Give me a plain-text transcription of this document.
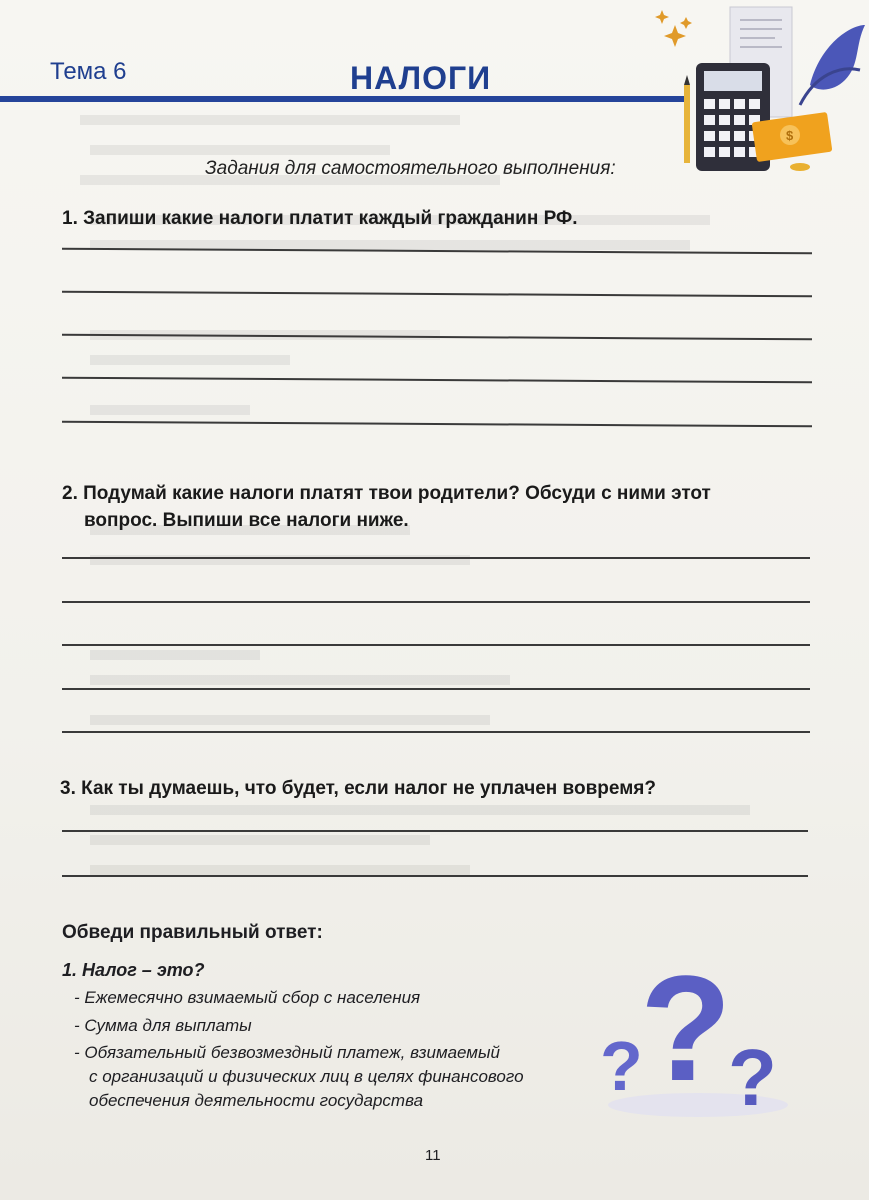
Тема 6	НАЛОГИ
$
Задания для самостоятельного выполнения:
1. Запиши какие налоги платит каждый гражданин РФ.
2. Подумай какие налоги платят твои родители? Обсуди с ними этот
вопрос. Выпиши все налоги ниже.
3. Как ты думаешь, что будет, если налог не уплачен вовремя?
Обведи правильный ответ:
1. Налог – это?
- Ежемесячно взимаемый сбор с населения
- Сумма для выплаты
- Обязательный безвозмездный платеж, взимаемый
с организаций и физических лиц в целях финансового
обеспечения деятельности государства ?
? ?
11
